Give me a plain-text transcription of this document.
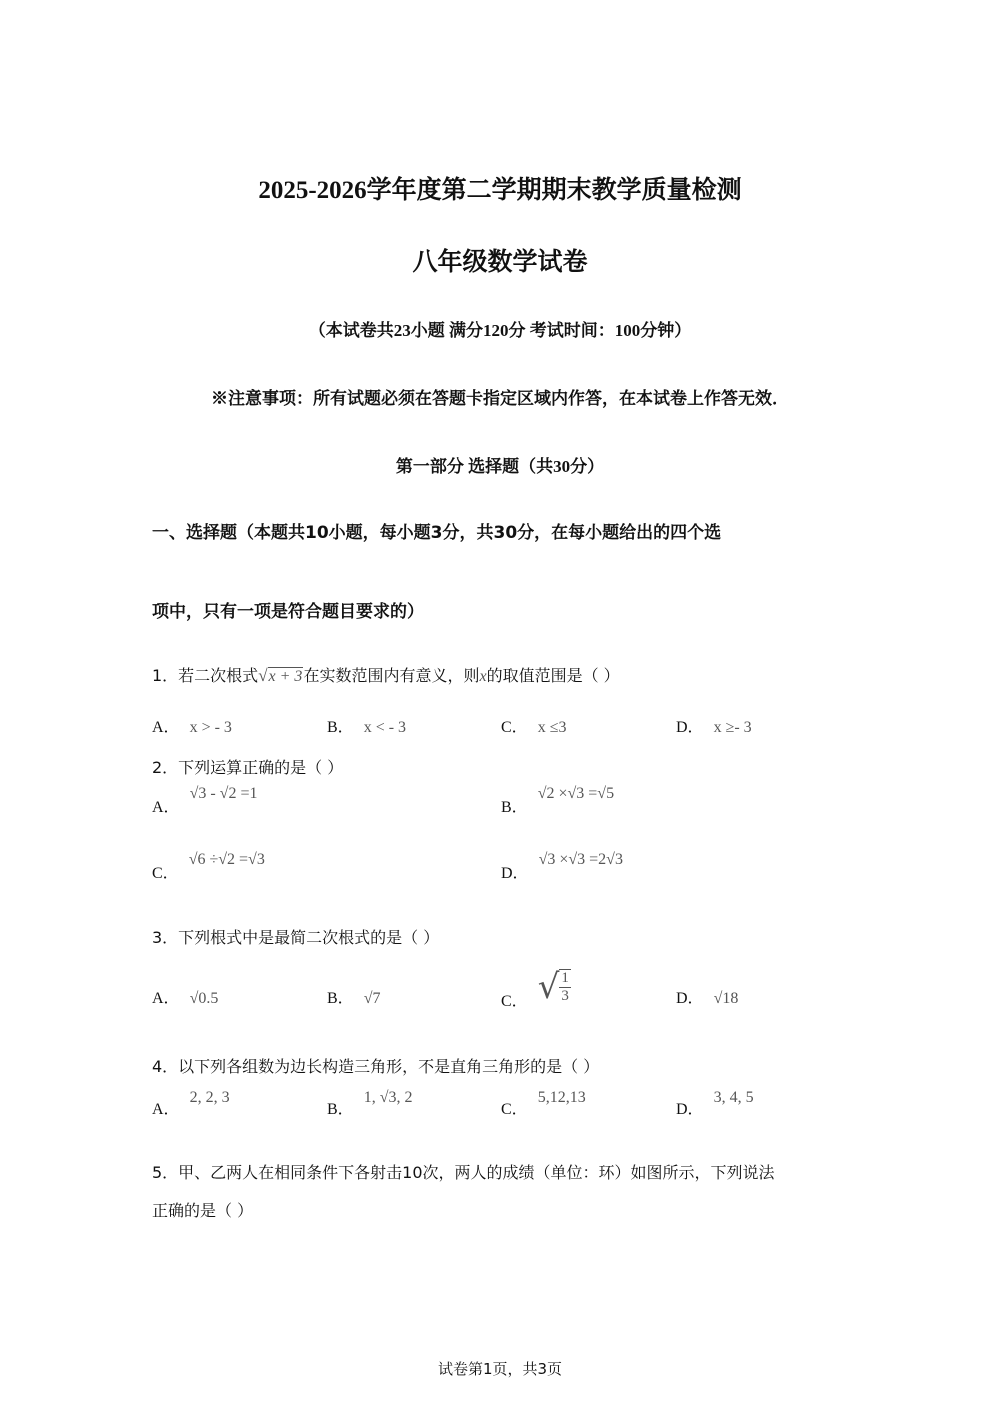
2025-2026学年度第二学期期末教学质量检测
八年级数学试卷
（本试卷共23小题 满分120分 考试时间：100分钟）
※注意事项：所有试题必须在答题卡指定区域内作答，在本试卷上作答无效．
第一部分 选择题（共30分）
一、选择题（本题共10小题，每小题3分，共30分，在每小题给出的四个选
项中，只有一项是符合题目要求的）
1．若二次根式√x + 3在实数范围内有意义，则x的取值范围是（ ）
A． x > - 3	B． x < - 3	C． x ≤3	D． x ≥- 3
2．下列运算正确的是（ ）
A．
√3 - √2 =1
B．
√2 ×√3 =√5
C．
√6 ÷√2 =√3
D．
√3 ×√3 =2√3
3．下列根式中是最简二次根式的是（ ）
A． √0.5	B． √7	C． √ $\frac{1}{3}$	D． √18
4．以下列各组数为边长构造三角形，不是直角三角形的是（ ）
A．
2, 2, 3
B．
1, √3, 2
C．
5,12,13
D．
3, 4, 5
5．甲、乙两人在相同条件下各射击10次，两人的成绩（单位：环）如图所示，下列说法
正确的是（ ）
试卷第1页，共3页
